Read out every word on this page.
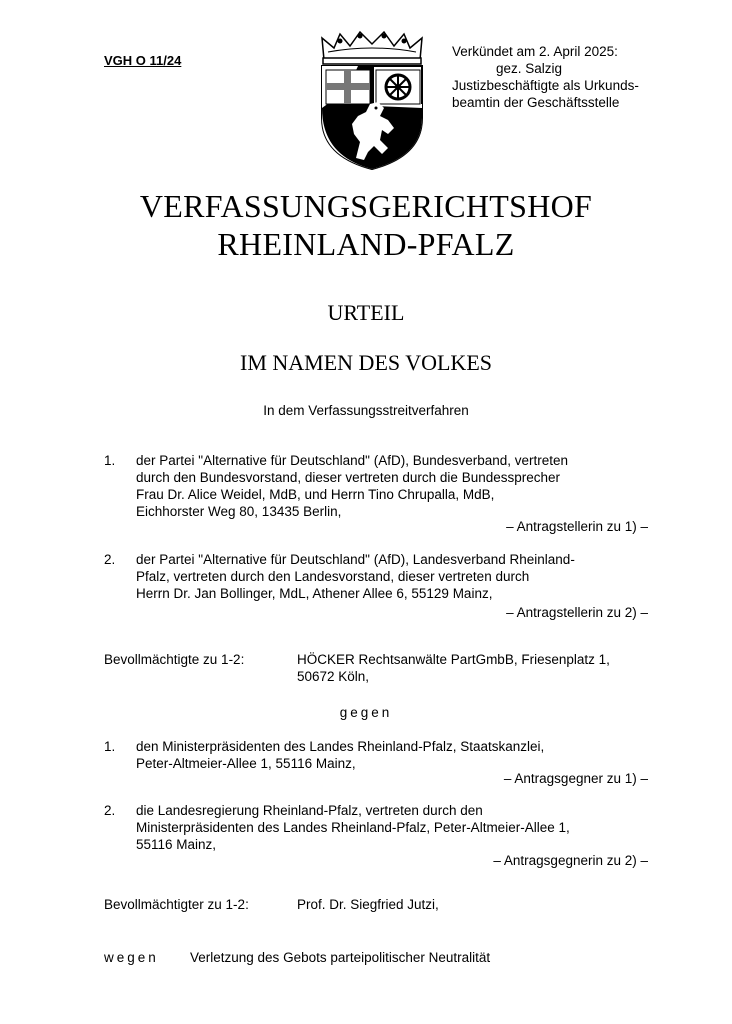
VGH O 11/24
Verkündet am 2. April 2025:
gez. Salzig
Justizbeschäftigte als Urkunds-
beamtin der Geschäftsstelle
VERFASSUNGSGERICHTSHOF
RHEINLAND-PFALZ
URTEIL
IM NAMEN DES VOLKES
In dem Verfassungsstreitverfahren
1. der Partei "Alternative für Deutschland" (AfD), Bundesverband, vertreten
durch den Bundesvorstand, dieser vertreten durch die Bundessprecher
Frau Dr. Alice Weidel, MdB, und Herrn Tino Chrupalla, MdB,
Eichhorster Weg 80, 13435 Berlin,
– Antragstellerin zu 1) –
2. der Partei "Alternative für Deutschland" (AfD), Landesverband Rheinland-
Pfalz, vertreten durch den Landesvorstand, dieser vertreten durch
Herrn Dr. Jan Bollinger, MdL, Athener Allee 6, 55129 Mainz,
– Antragstellerin zu 2) –
Bevollmächtigte zu 1-2:	HÖCKER Rechtsanwälte PartGmbB, Friesenplatz 1,
50672 Köln,
gegen
1. den Ministerpräsidenten des Landes Rheinland-Pfalz, Staatskanzlei,
Peter-Altmeier-Allee 1, 55116 Mainz,
– Antragsgegner zu 1) –
2. die Landesregierung Rheinland-Pfalz, vertreten durch den
Ministerpräsidenten des Landes Rheinland-Pfalz, Peter-Altmeier-Allee 1,
55116 Mainz,
– Antragsgegnerin zu 2) –
Bevollmächtigter zu 1-2:	Prof. Dr. Siegfried Jutzi,
wegen Verletzung des Gebots parteipolitischer Neutralität
